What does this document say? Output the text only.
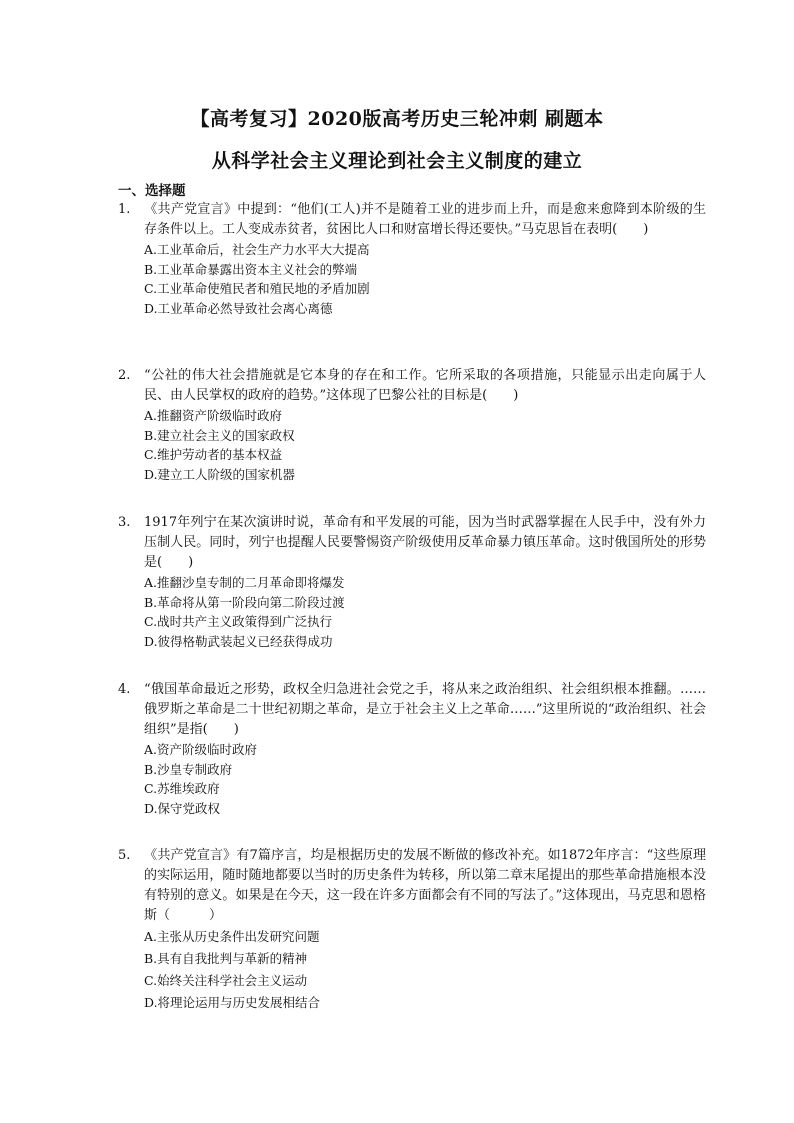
【高考复习】2020版高考历史三轮冲刺 刷题本
从科学社会主义理论到社会主义制度的建立
一、选择题

1. 《共产党宣言》中提到：“他们(工人)并不是随着工业的进步而上升，而是愈来愈降到本阶级的生存条件以上。工人变成赤贫者，贫困比人口和财富增长得还要快。”马克思旨在表明(　　)

A.工业革命后，社会生产力水平大大提高
B.工业革命暴露出资本主义社会的弊端
C.工业革命使殖民者和殖民地的矛盾加剧
D.工业革命必然导致社会离心离德

2. “公社的伟大社会措施就是它本身的存在和工作。它所采取的各项措施，只能显示出走向属于人民、由人民掌权的政府的趋势。”这体现了巴黎公社的目标是(　　)

A.推翻资产阶级临时政府
B.建立社会主义的国家政权
C.维护劳动者的基本权益
D.建立工人阶级的国家机器

3. 1917年列宁在某次演讲时说，革命有和平发展的可能，因为当时武器掌握在人民手中，没有外力压制人民。同时，列宁也提醒人民要警惕资产阶级使用反革命暴力镇压革命。这时俄国所处的形势是(　　)

A.推翻沙皇专制的二月革命即将爆发
B.革命将从第一阶段向第二阶段过渡
C.战时共产主义政策得到广泛执行
D.彼得格勒武装起义已经获得成功

4. “俄国革命最近之形势，政权全归急进社会党之手，将从来之政治组织、社会组织根本推翻。……俄罗斯之革命是二十世纪初期之革命，是立于社会主义上之革命……”这里所说的“政治组织、社会组织”是指(　　)

A.资产阶级临时政府
B.沙皇专制政府
C.苏维埃政府
D.保守党政权

5. 《共产党宣言》有7篇序言，均是根据历史的发展不断做的修改补充。如1872年序言：“这些原理的实际运用，随时随地都要以当时的历史条件为转移，所以第二章末尾提出的那些革命措施根本没有特别的意义。如果是在今天，这一段在许多方面都会有不同的写法了。”这体现出，马克思和恩格斯（　　　）

A.主张从历史条件出发研究问题
B.具有自我批判与革新的精神
C.始终关注科学社会主义运动
D.将理论运用与历史发展相结合
